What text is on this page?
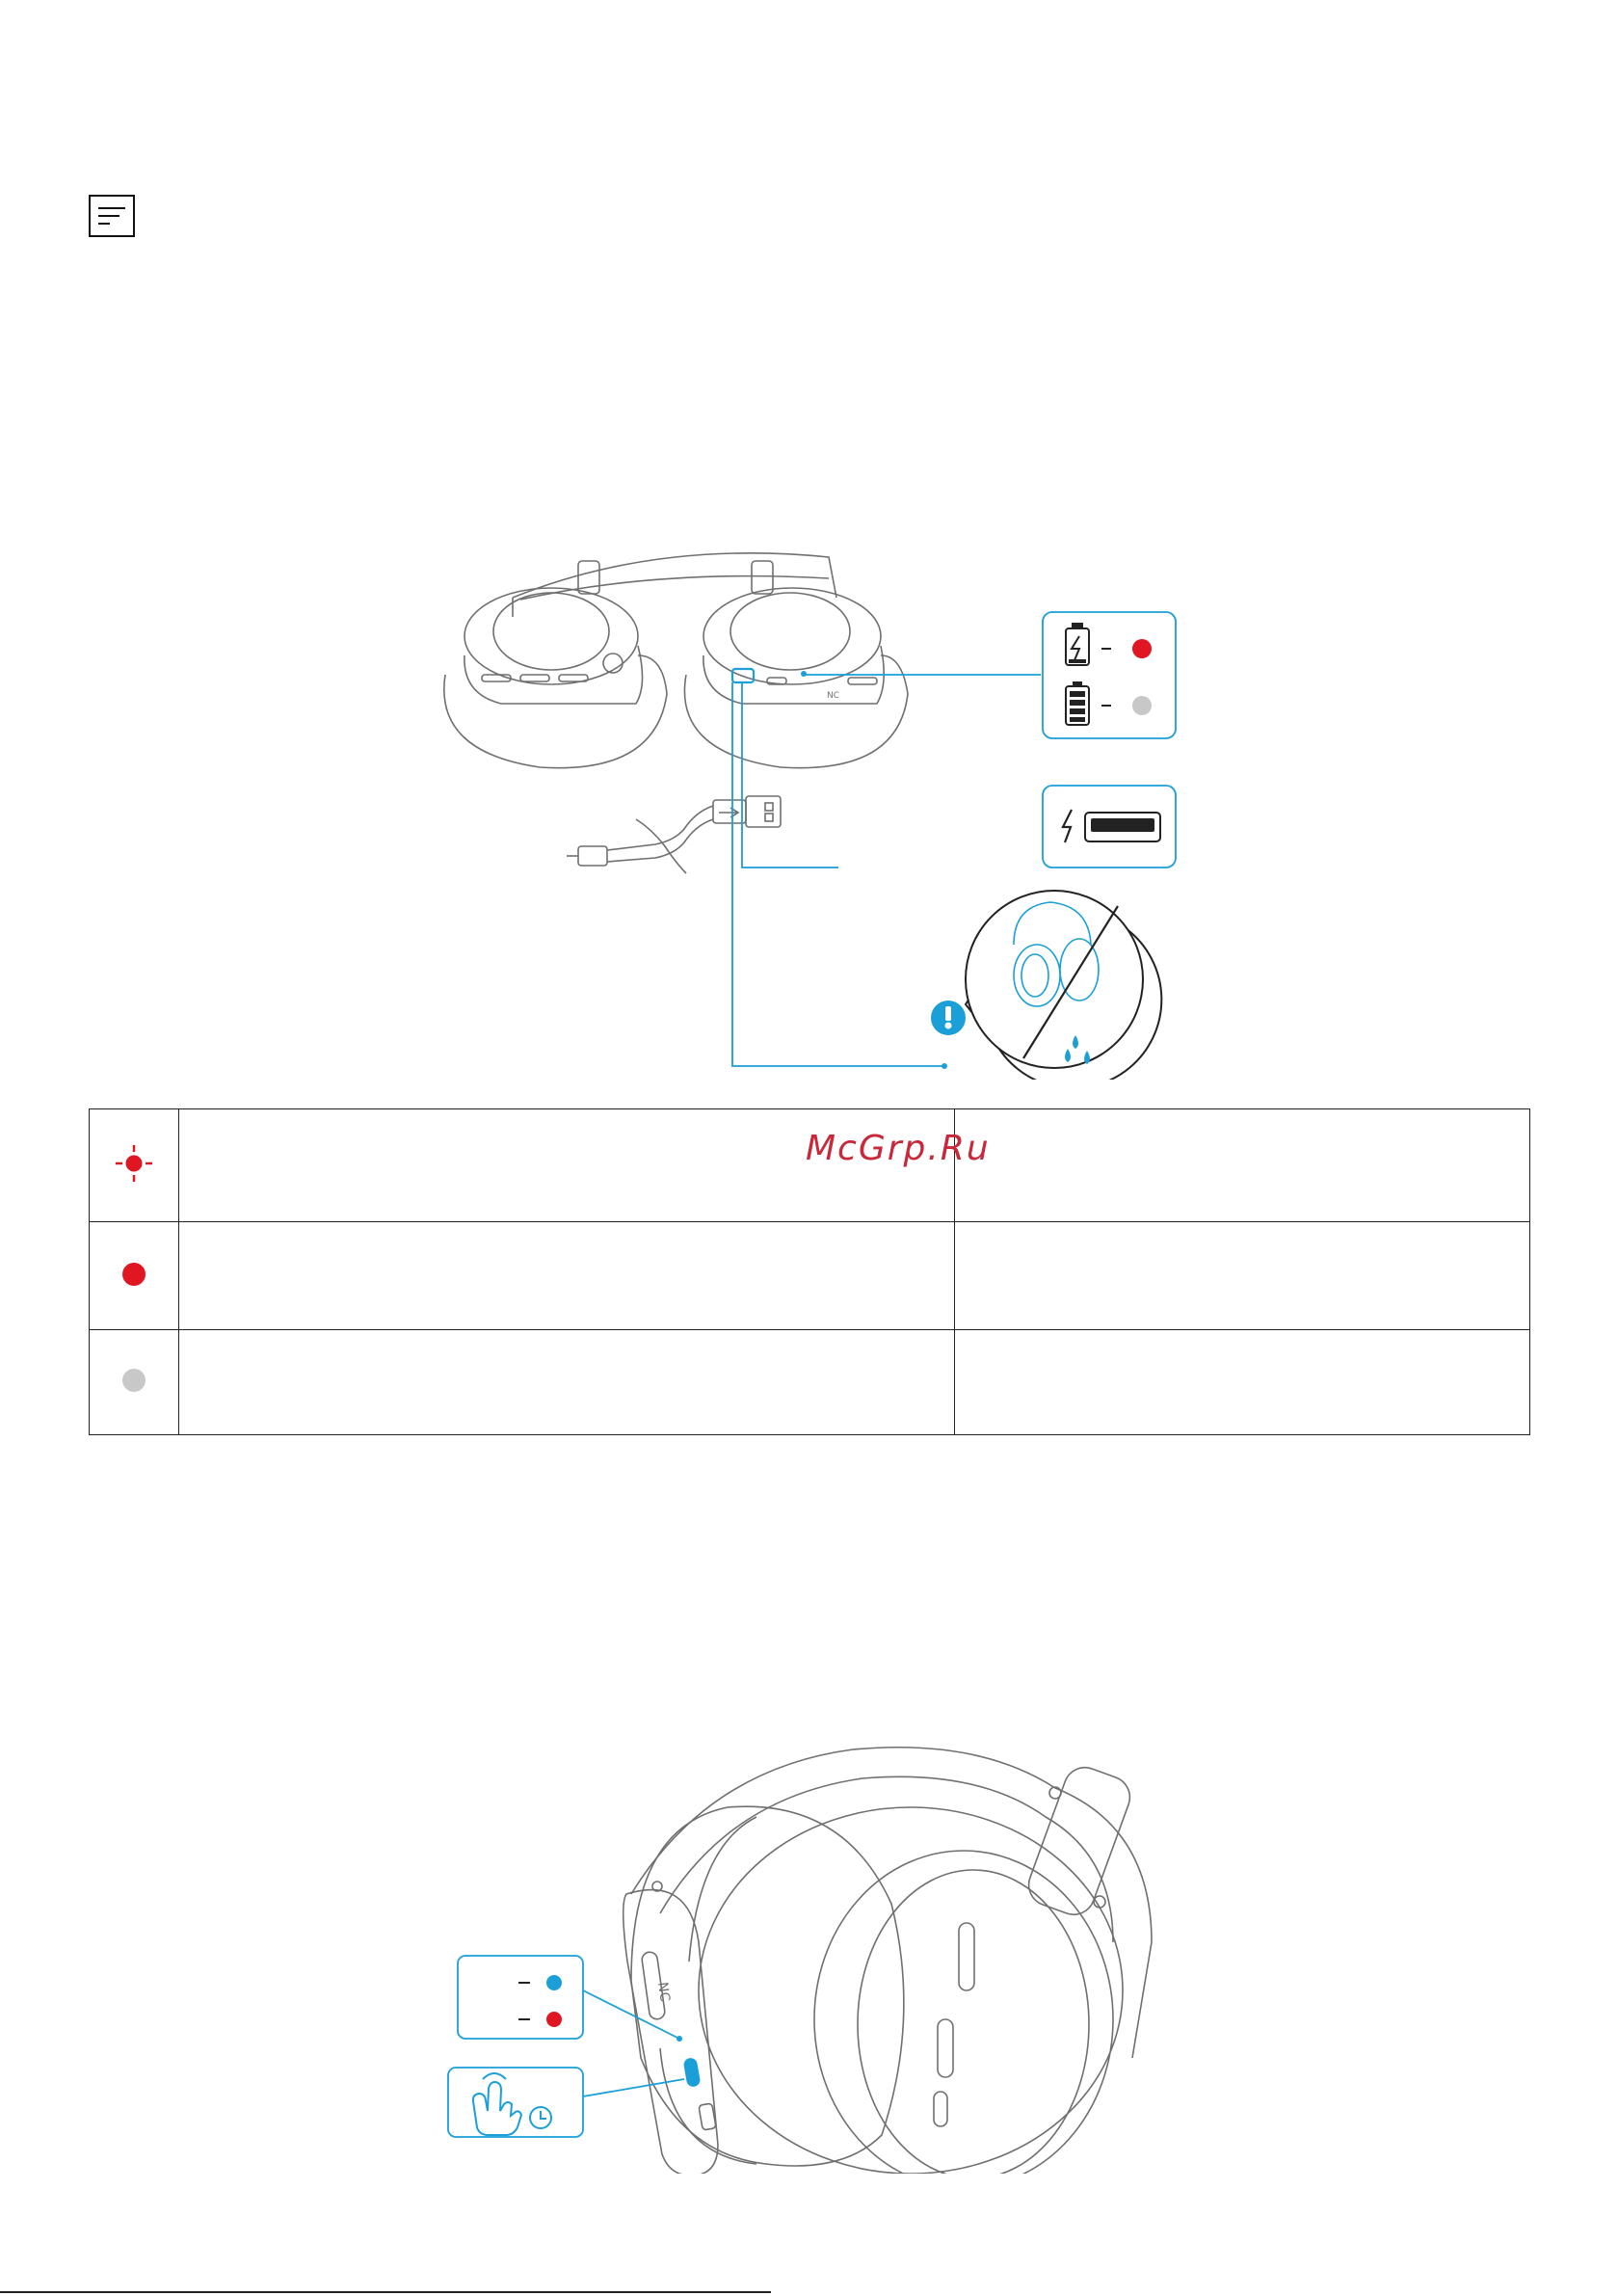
NC

McGrp.Ru	

NC
